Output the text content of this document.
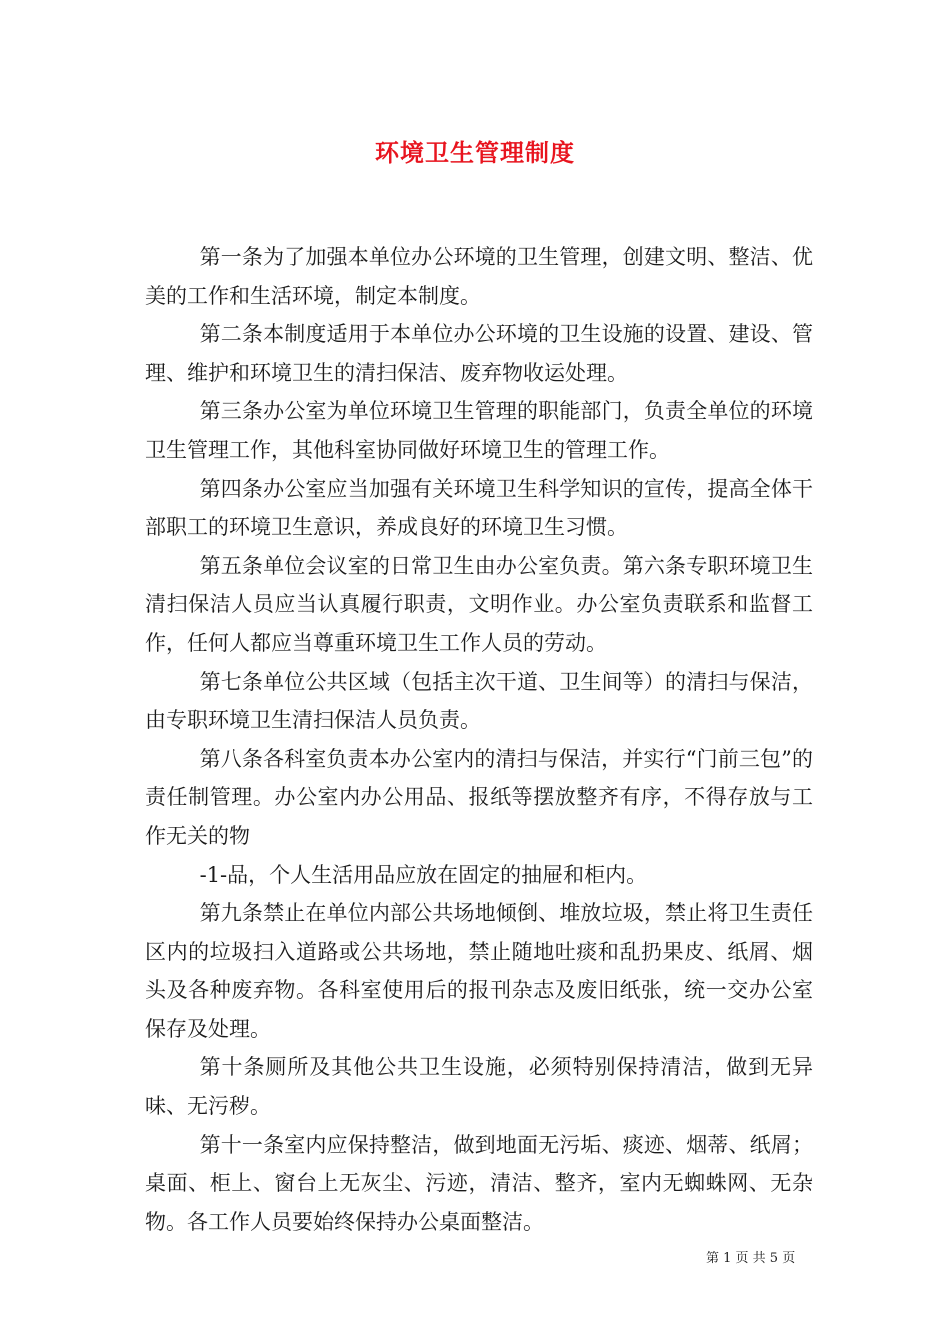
环境卫生管理制度

第一条为了加强本单位办公环境的卫生管理，创建文明、整洁、优美的工作和生活环境，制定本制度。

第二条本制度适用于本单位办公环境的卫生设施的设置、建设、管理、维护和环境卫生的清扫保洁、废弃物收运处理。

第三条办公室为单位环境卫生管理的职能部门，负责全单位的环境卫生管理工作，其他科室协同做好环境卫生的管理工作。

第四条办公室应当加强有关环境卫生科学知识的宣传，提高全体干部职工的环境卫生意识，养成良好的环境卫生习惯。

第五条单位会议室的日常卫生由办公室负责。第六条专职环境卫生清扫保洁人员应当认真履行职责，文明作业。办公室负责联系和监督工作，任何人都应当尊重环境卫生工作人员的劳动。

第七条单位公共区域（包括主次干道、卫生间等）的清扫与保洁，由专职环境卫生清扫保洁人员负责。

第八条各科室负责本办公室内的清扫与保洁，并实行“门前三包”的责任制管理。办公室内办公用品、报纸等摆放整齐有序，不得存放与工作无关的物

-1-品，个人生活用品应放在固定的抽屉和柜内。

第九条禁止在单位内部公共场地倾倒、堆放垃圾，禁止将卫生责任区内的垃圾扫入道路或公共场地，禁止随地吐痰和乱扔果皮、纸屑、烟头及各种废弃物。各科室使用后的报刊杂志及废旧纸张，统一交办公室保存及处理。

第十条厕所及其他公共卫生设施，必须特别保持清洁，做到无异味、无污秽。

第十一条室内应保持整洁，做到地面无污垢、痰迹、烟蒂、纸屑；桌面、柜上、窗台上无灰尘、污迹，清洁、整齐，室内无蜘蛛网、无杂物。各工作人员要始终保持办公桌面整洁。

第 1 页 共 5 页
